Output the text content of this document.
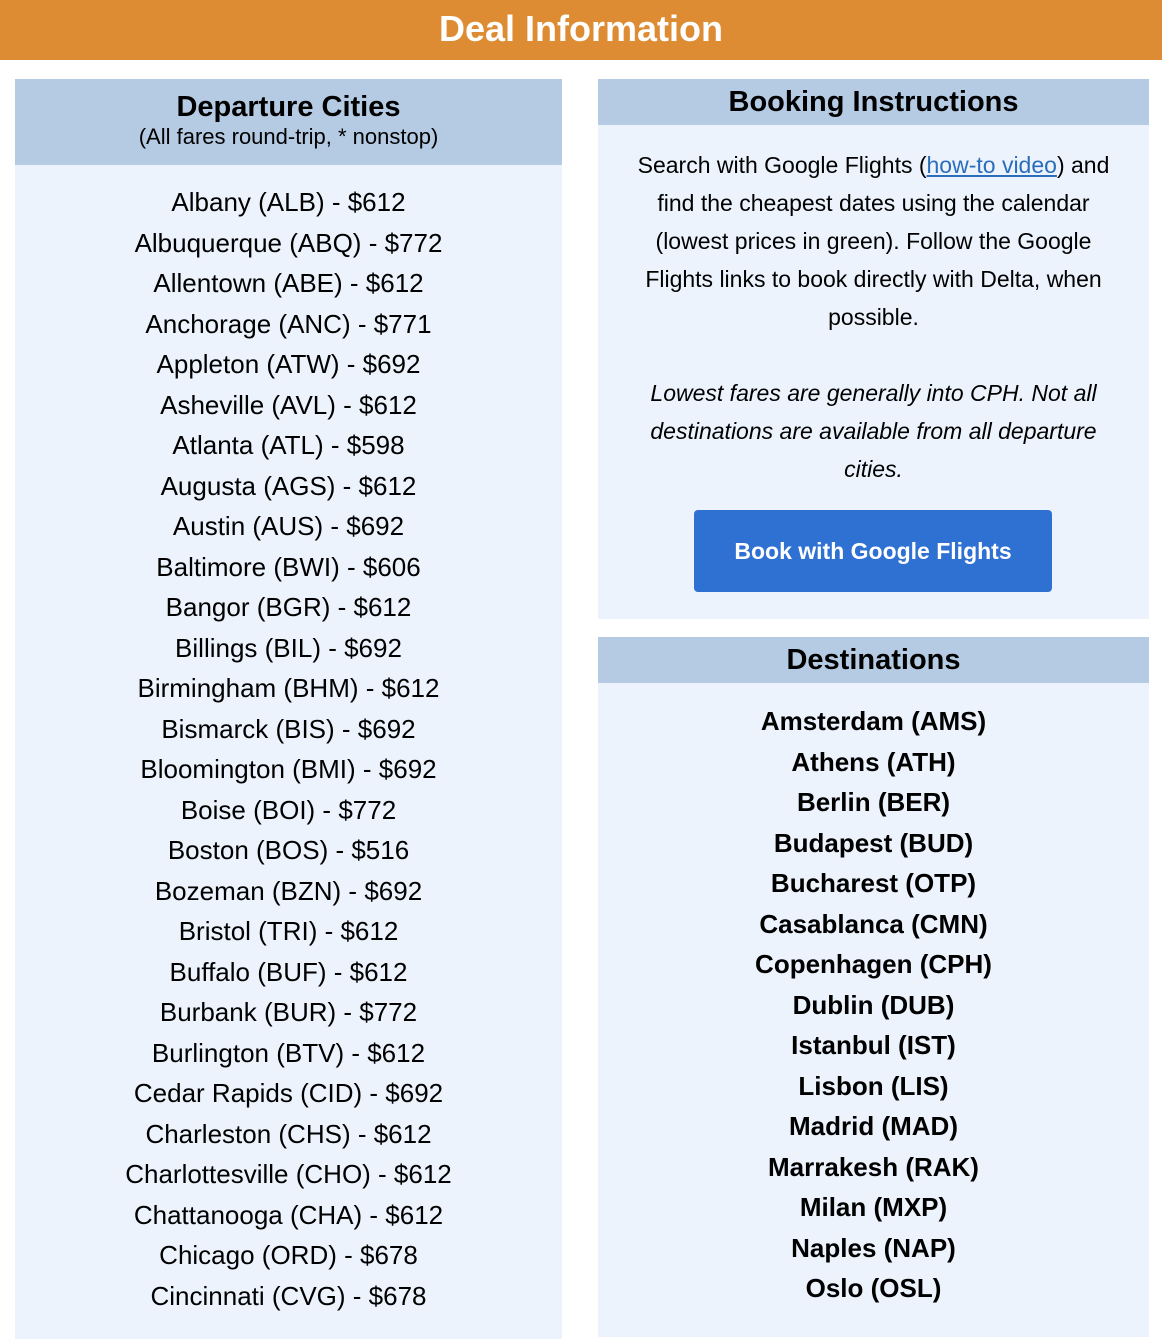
Deal Information
Departure Cities
(All fares round-trip, * nonstop)
Albany (ALB) - $612
Albuquerque (ABQ) - $772
Allentown (ABE) - $612
Anchorage (ANC) - $771
Appleton (ATW) - $692
Asheville (AVL) - $612
Atlanta (ATL) - $598
Augusta (AGS) - $612
Austin (AUS) - $692
Baltimore (BWI) - $606
Bangor (BGR) - $612
Billings (BIL) - $692
Birmingham (BHM) - $612
Bismarck (BIS) - $692
Bloomington (BMI) - $692
Boise (BOI) - $772
Boston (BOS) - $516
Bozeman (BZN) - $692
Bristol (TRI) - $612
Buffalo (BUF) - $612
Burbank (BUR) - $772
Burlington (BTV) - $612
Cedar Rapids (CID) - $692
Charleston (CHS) - $612
Charlottesville (CHO) - $612
Chattanooga (CHA) - $612
Chicago (ORD) - $678
Cincinnati (CVG) - $678
Booking Instructions

Search with Google Flights (how-to video) and find the cheapest dates using the calendar (lowest prices in green). Follow the Google Flights links to book directly with Delta, when possible.

Lowest fares are generally into CPH. Not all destinations are available from all departure cities.

Book with Google Flights
Destinations
Amsterdam (AMS)
Athens (ATH)
Berlin (BER)
Budapest (BUD)
Bucharest (OTP)
Casablanca (CMN)
Copenhagen (CPH)
Dublin (DUB)
Istanbul (IST)
Lisbon (LIS)
Madrid (MAD)
Marrakesh (RAK)
Milan (MXP)
Naples (NAP)
Oslo (OSL)
